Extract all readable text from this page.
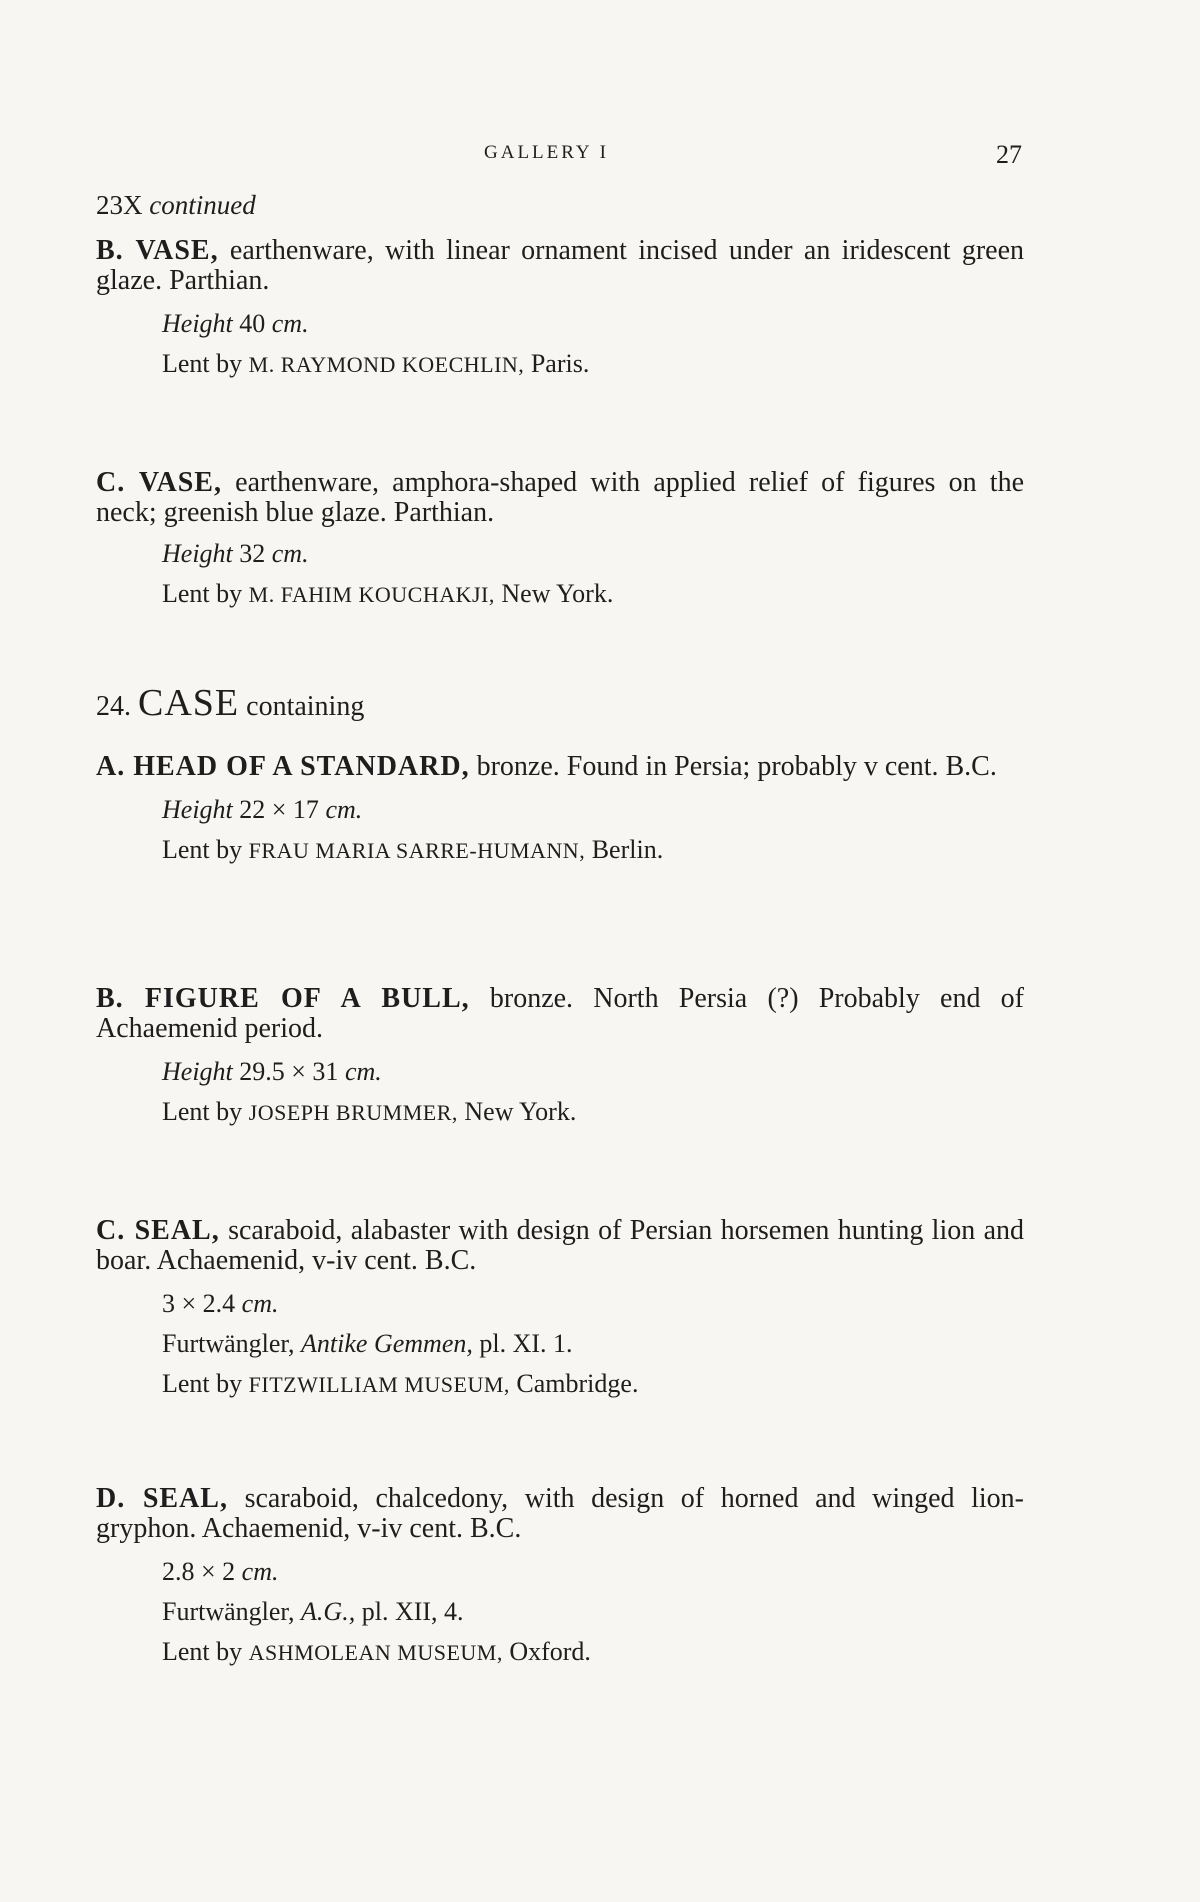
GALLERY I	27

23X continued

B. VASE, earthenware, with linear ornament incised under an iridescent green glaze. Parthian.

Height 40 cm.
Lent by M. RAYMOND KOECHLIN, Paris.

C. VASE, earthenware, amphora-shaped with applied relief of figures on the neck; greenish blue glaze. Parthian.

Height 32 cm.
Lent by M. FAHIM KOUCHAKJI, New York.

24. CASE containing

A. HEAD OF A STANDARD, bronze. Found in Persia; probably v cent. B.C.

Height 22 × 17 cm.
Lent by FRAU MARIA SARRE-HUMANN, Berlin.

B. FIGURE OF A BULL, bronze. North Persia (?) Probably end of Achaemenid period.

Height 29.5 × 31 cm.
Lent by JOSEPH BRUMMER, New York.

C. SEAL, scaraboid, alabaster with design of Persian horsemen hunting lion and boar. Achaemenid, v-iv cent. B.C.

3 × 2.4 cm.
Furtwängler, Antike Gemmen, pl. XI. 1.
Lent by FITZWILLIAM MUSEUM, Cambridge.

D. SEAL, scaraboid, chalcedony, with design of horned and winged lion-gryphon. Achaemenid, v-iv cent. B.C.

2.8 × 2 cm.
Furtwängler, A.G., pl. XII, 4.
Lent by ASHMOLEAN MUSEUM, Oxford.
